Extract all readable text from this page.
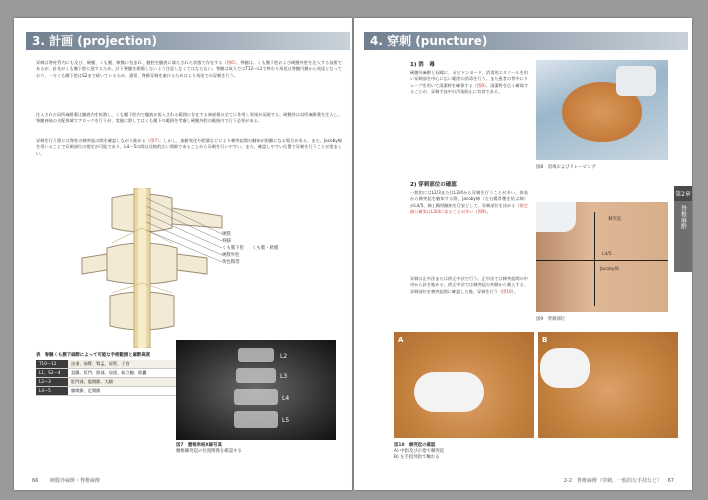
3. 計画 (projection)
穿刺は脊柱管内にも及び、硬膜、くも膜、軟膜に包まれ、髄腔を髄液に満たされた状態で存在する（図6）。脊髄は、くも膜下腔および硬膜外腔を注入する技術であるが、針先がくも膜下腔に達するため、計下脊髄を損傷しないよう注意しなくてはならない。脊髄は成人ではT12～L1で終わり馬尾は脊髄円錐から馬尾となっており、一方くも膜下腔はS2まで続いているため、通常、脊椎穿刺を避けるためはより馬尾での穿刺を行う。
注入された局所麻酔薬は髄液内を拡散し、くも膜下腔内で髄液が流入される範囲に存在する神経根の全てに作用し効果が発現する。硬膜外は局所麻酔薬を注入し、脊髄神経の支配領域でブロックを行うが、実施に際してはくも膜下の範囲を考慮し硬膜外腔の範囲内で行う必要がある。
穿刺を行う際には脊柱の棘突起の間を確認しながら進める（図7）。しかし、加齢変化や肥満などにより棘突起間の触知が困難になる場合がある。また、Jacoby線を用いることで穿刺部位の推定が可能であり、L4～5の間は比較的広い間隙であることから穿刺を行いやすい。また、確認しやすい位置で穿刺を行うことが望ましい。
硬膜
脊髄
くも膜下腔
硬膜外腔
黄色靱帯
くも膜・軟膜
表　脊髄くも膜下麻酔によって可能な手術範囲と麻酔高度
T10～12	虫垂、前腎、腎盂、尿管、子宮
L1、S2～4	直腸、肛門、陰部、尿道、前立腺、陰嚢
L2～3	肛門部、股関節、大腿
L4～5	膝関節、足関節
L2
L3
L4
L5
図7　腰椎単純X線写真
腰椎棘突起の位置関係を確認する
66 硬膜外麻酔・脊椎麻酔
4. 穿刺 (puncture)
1) 消　毒
硬膜外麻酔と同様に、ポビドンヨード、消毒用エタノールを用い穿刺部を中心に広い範囲の消毒を行う。また患者の背中にドレープを用いて清潔野を確保する（図8）。清潔野を広く確保することが、穿刺手技中の汚染防止に有効である。
図8　消毒およびドレーピング
2) 穿刺部位の確認
一般的にはL2/3またはL3/4から穿刺を行うことが多い。体表から棘突起を触知する際、Jacoby線（左右腸骨稜を結ぶ線）がL4/5、棘上靱帯触知を目安として、穿刺部位を決める（推定値に確実はL3/4にあることが多い（図9）。
穿刺は正中法または傍正中法で行う。正中法では棘突起間の中央から針を進める。傍正中法では棘突起の外側から刺入する。穿刺部位を棘突起間に確認した後、穿刺を行う（図10）。
棘突起
L4/5
Jacoby線
図9　穿刺部位
A	B
図10　棘突起の確認
A) 中指及び示指で棘突起
B) 左手指母指で触れる
第2章
脊椎麻酔
2-2　脊椎麻酔（穿刺、一般的な手技など） 67
